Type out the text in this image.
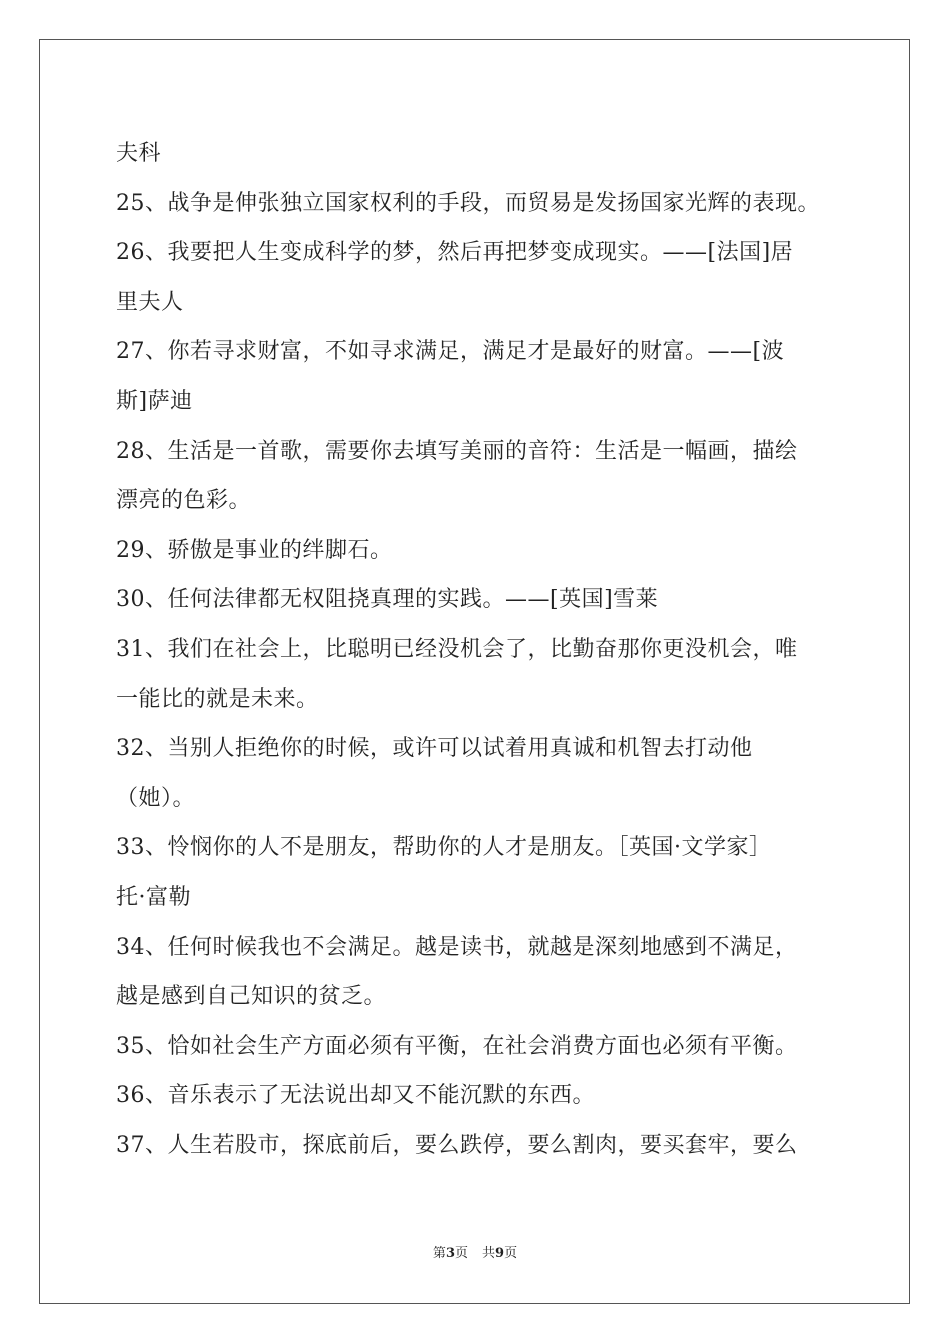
夫科
25、战争是伸张独立国家权利的手段，而贸易是发扬国家光辉的表现。
26、我要把人生变成科学的梦，然后再把梦变成现实。——[法国]居
里夫人
27、你若寻求财富，不如寻求满足，满足才是最好的财富。——[波
斯]萨迪
28、生活是一首歌，需要你去填写美丽的音符：生活是一幅画，描绘
漂亮的色彩。
29、骄傲是事业的绊脚石。
30、任何法律都无权阻挠真理的实践。——[英国]雪莱
31、我们在社会上，比聪明已经没机会了，比勤奋那你更没机会，唯
一能比的就是未来。
32、当别人拒绝你的时候，或许可以试着用真诚和机智去打动他
（她）。
33、怜悯你的人不是朋友，帮助你的人才是朋友。［英国·文学家］
托·富勒
34、任何时候我也不会满足。越是读书，就越是深刻地感到不满足，
越是感到自己知识的贫乏。
35、恰如社会生产方面必须有平衡，在社会消费方面也必须有平衡。
36、音乐表示了无法说出却又不能沉默的东西。
37、人生若股市，探底前后，要么跌停，要么割肉，要买套牢，要么
第3页 共9页
